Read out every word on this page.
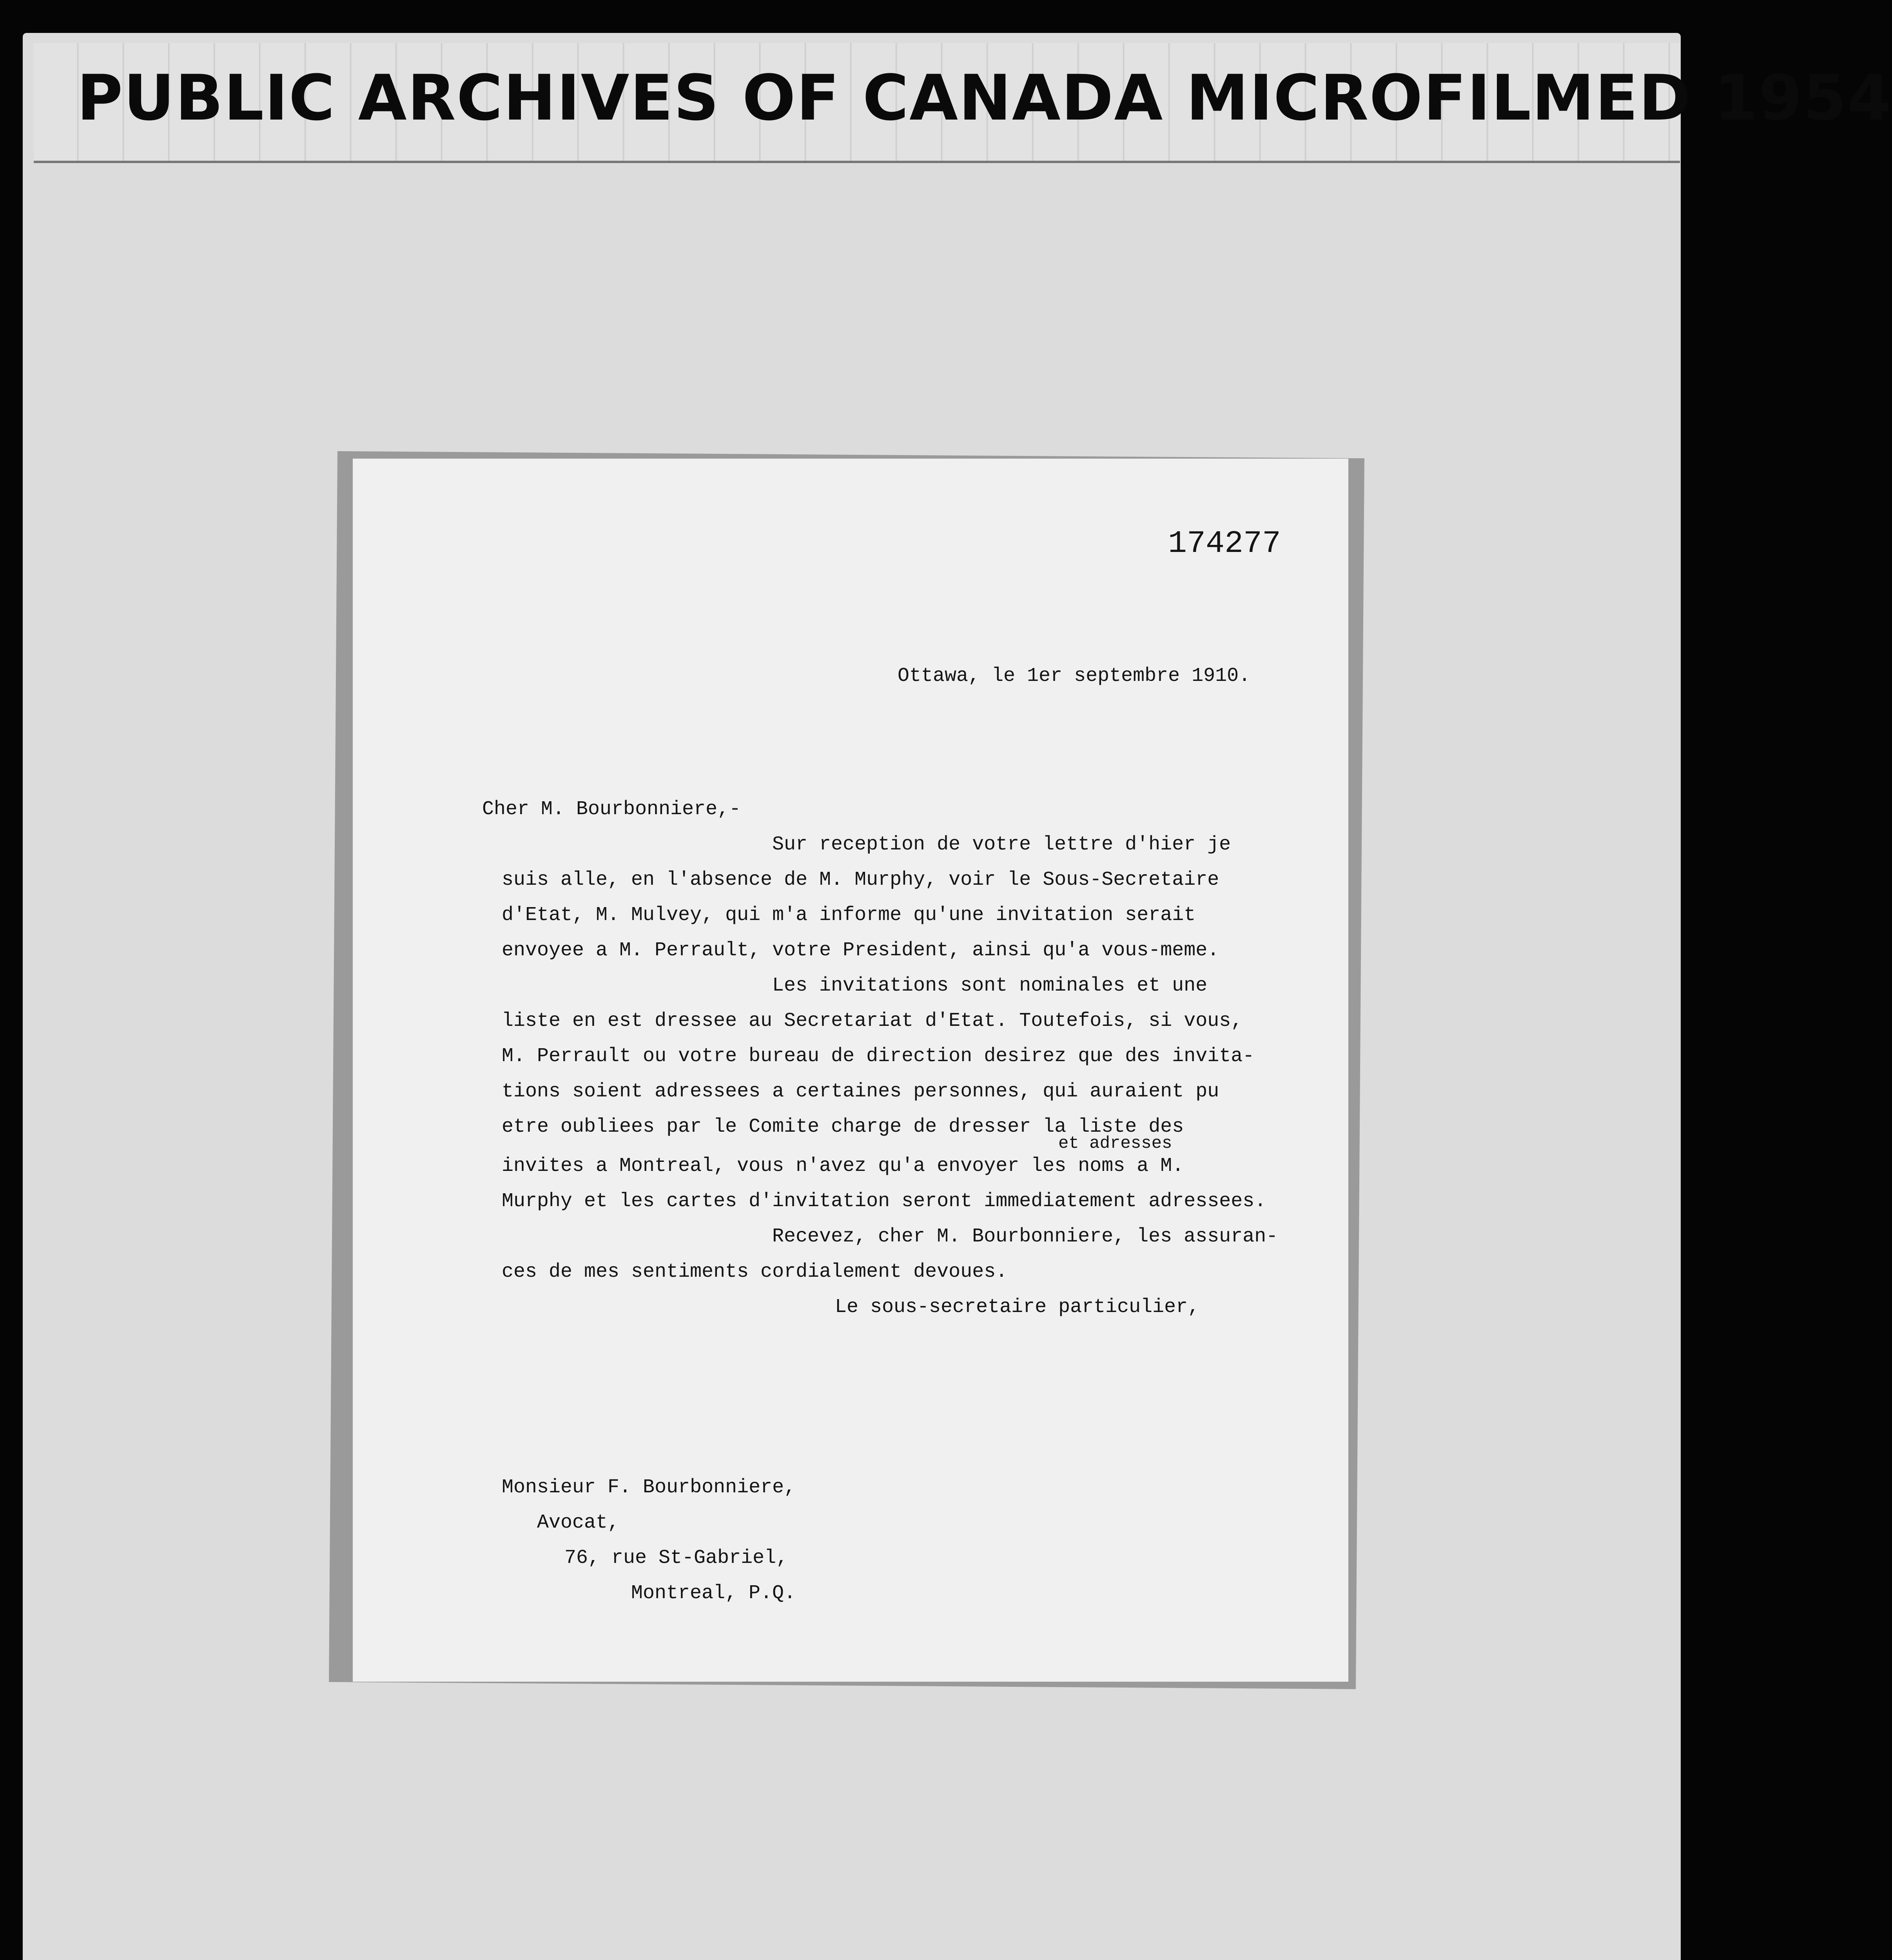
PUBLIC ARCHIVES OF CANADA MICROFILMED 1954
174277
Ottawa, le 1er septembre 1910.
Cher M. Bourbonniere,-
Sur reception de votre lettre d'hier je
suis alle, en l'absence de M. Murphy, voir le Sous-Secretaire
d'Etat, M. Mulvey, qui m'a informe qu'une invitation serait
envoyee a M. Perrault, votre President, ainsi qu'a vous-meme.
Les invitations sont nominales et une
liste en est dressee au Secretariat d'Etat. Toutefois, si vous,
M. Perrault ou votre bureau de direction desirez que des invita-
tions soient adressees a certaines personnes, qui auraient pu
etre oubliees par le Comite charge de dresser la liste des
et adresses
invites a Montreal, vous n'avez qu'a envoyer les noms a M.
Murphy et les cartes d'invitation seront immediatement adressees.
Recevez, cher M. Bourbonniere, les assuran-
ces de mes sentiments cordialement devoues.
Le sous-secretaire particulier,
Monsieur F. Bourbonniere,
Avocat,
76, rue St-Gabriel,
Montreal, P.Q.
